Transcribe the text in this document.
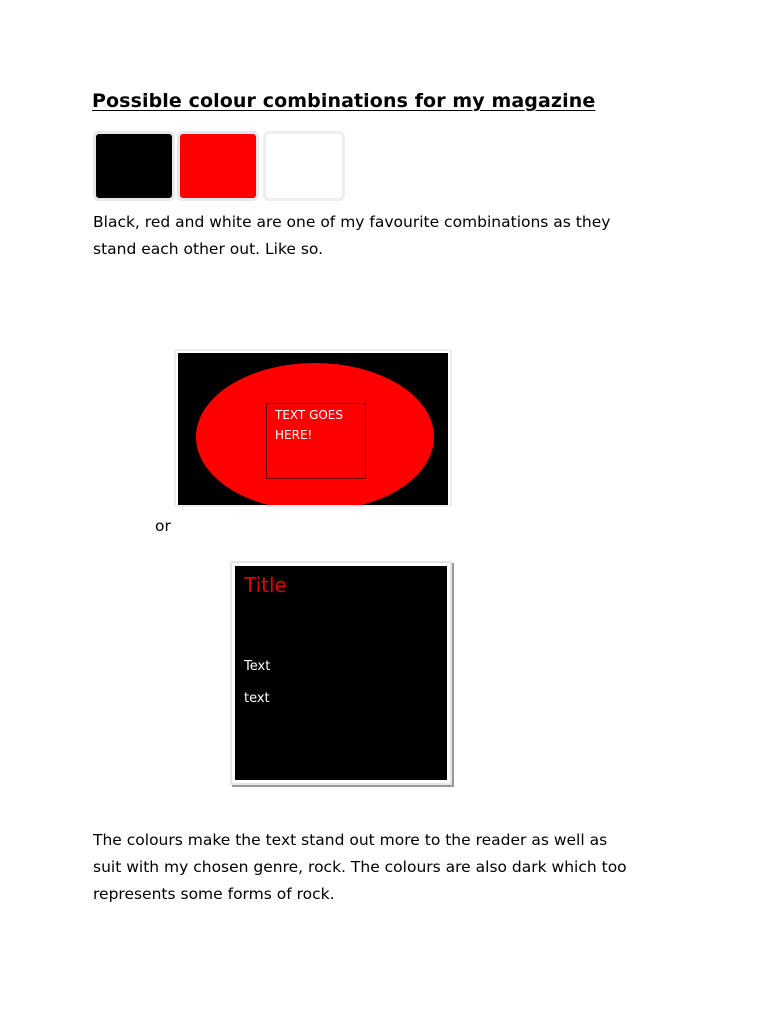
Possible colour combinations for my magazine

Black, red and white are one of my favourite combinations as they
stand each other out. Like so.

TEXT GOES HERE!

or

Title
Text
text

The colours make the text stand out more to the reader as well as
suit with my chosen genre, rock. The colours are also dark which too
represents some forms of rock.
